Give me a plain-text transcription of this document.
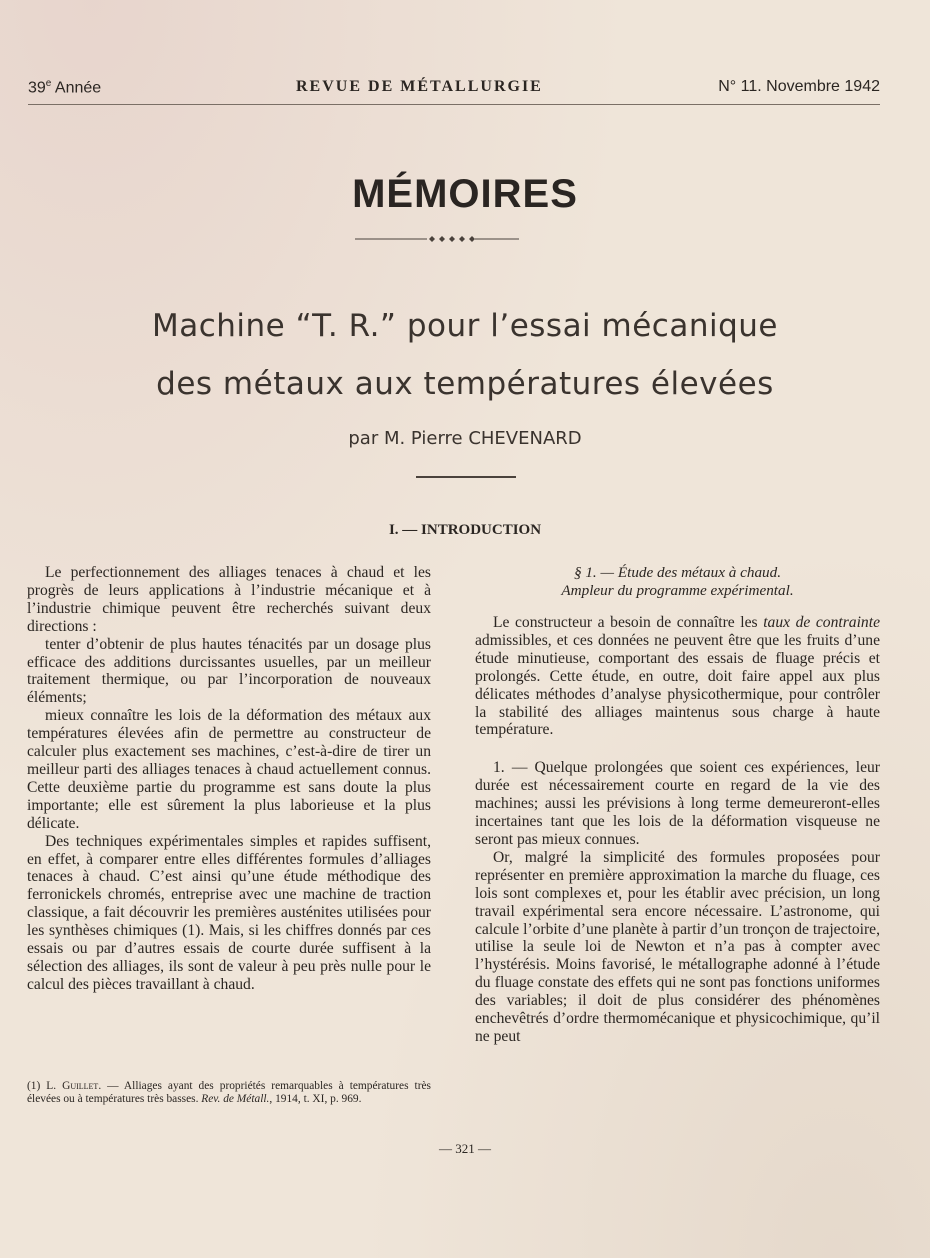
39e Année	REVUE DE MÉTALLURGIE	N° 11. Novembre 1942
MÉMOIRES
Machine “T. R.” pour l’essai mécanique
des métaux aux températures élevées
par M. Pierre CHEVENARD
I. — INTRODUCTION

Le perfectionnement des alliages tenaces à chaud et les progrès de leurs applications à l’industrie mécanique et à l’industrie chimique peuvent être recherchés suivant deux directions :

tenter d’obtenir de plus hautes ténacités par un dosage plus efficace des additions durcissantes usuelles, par un meilleur traitement thermique, ou par l’incorporation de nouveaux éléments;

mieux connaître les lois de la déformation des métaux aux températures élevées afin de permettre au constructeur de calculer plus exactement ses machines, c’est-à-dire de tirer un meilleur parti des alliages tenaces à chaud actuellement connus. Cette deuxième partie du programme est sans doute la plus importante; elle est sûrement la plus laborieuse et la plus délicate.

Des techniques expérimentales simples et rapides suffisent, en effet, à comparer entre elles différentes formules d’alliages tenaces à chaud. C’est ainsi qu’une étude méthodique des ferronickels chromés, entreprise avec une machine de traction classique, a fait découvrir les premières austénites utilisées pour les synthèses chimiques (1). Mais, si les chiffres donnés par ces essais ou par d’autres essais de courte durée suffisent à la sélection des alliages, ils sont de valeur à peu près nulle pour le calcul des pièces travaillant à chaud.

(1) L. Guillet. — Alliages ayant des propriétés remarquables à températures très élevées ou à températures très basses. Rev. de Métall., 1914, t. XI, p. 969.
§ 1. — Étude des métaux à chaud.
Ampleur du programme expérimental.

Le constructeur a besoin de connaître les taux de contrainte admissibles, et ces données ne peuvent être que les fruits d’une étude minutieuse, comportant des essais de fluage précis et prolongés. Cette étude, en outre, doit faire appel aux plus délicates méthodes d’analyse physicothermique, pour contrôler la stabilité des alliages maintenus sous charge à haute température.

1. — Quelque prolongées que soient ces expériences, leur durée est nécessairement courte en regard de la vie des machines; aussi les prévisions à long terme demeureront-elles incertaines tant que les lois de la déformation visqueuse ne seront pas mieux connues.

Or, malgré la simplicité des formules proposées pour représenter en première approximation la marche du fluage, ces lois sont complexes et, pour les établir avec précision, un long travail expérimental sera encore nécessaire. L’astronome, qui calcule l’orbite d’une planète à partir d’un tronçon de trajectoire, utilise la seule loi de Newton et n’a pas à compter avec l’hystérésis. Moins favorisé, le métallographe adonné à l’étude du fluage constate des effets qui ne sont pas fonctions uniformes des variables; il doit de plus considérer des phénomènes enchevêtrés d’ordre thermomécanique et physicochimique, qu’il ne peut

— 321 —
